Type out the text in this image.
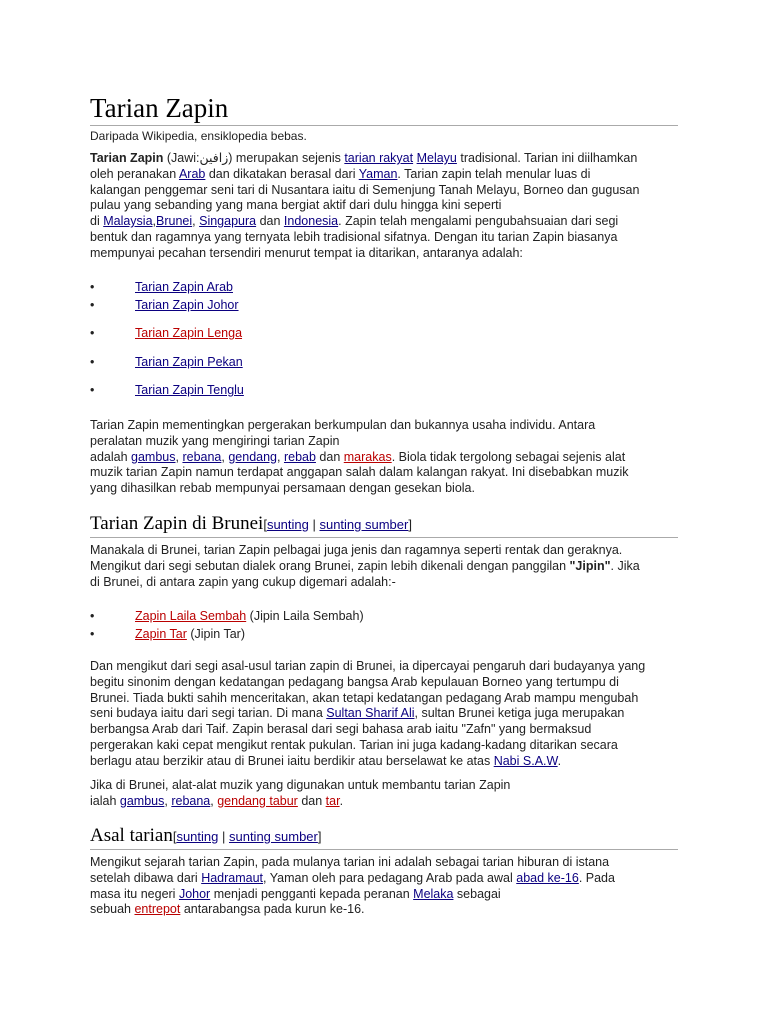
Tarian Zapin
Daripada Wikipedia, ensiklopedia bebas.
Tarian Zapin (Jawi:زافين) merupakan sejenis tarian rakyat Melayu tradisional. Tarian ini diilhamkan
oleh peranakan Arab dan dikatakan berasal dari Yaman. Tarian zapin telah menular luas di
kalangan penggemar seni tari di Nusantara iaitu di Semenjung Tanah Melayu, Borneo dan gugusan
pulau yang sebanding yang mana bergiat aktif dari dulu hingga kini seperti
di Malaysia,Brunei, Singapura dan Indonesia. Zapin telah mengalami pengubahsuaian dari segi
bentuk dan ragamnya yang ternyata lebih tradisional sifatnya. Dengan itu tarian Zapin biasanya
mempunyai pecahan tersendiri menurut tempat ia ditarikan, antaranya adalah:
•	Tarian Zapin Arab
•	Tarian Zapin Johor
•	Tarian Zapin Lenga
•	Tarian Zapin Pekan
•	Tarian Zapin Tenglu
Tarian Zapin mementingkan pergerakan berkumpulan dan bukannya usaha individu. Antara
peralatan muzik yang mengiringi tarian Zapin
adalah gambus, rebana, gendang, rebab dan marakas. Biola tidak tergolong sebagai sejenis alat
muzik tarian Zapin namun terdapat anggapan salah dalam kalangan rakyat. Ini disebabkan muzik
yang dihasilkan rebab mempunyai persamaan dengan gesekan biola.
Tarian Zapin di Brunei[sunting | sunting sumber]
Manakala di Brunei, tarian Zapin pelbagai juga jenis dan ragamnya seperti rentak dan geraknya.
Mengikut dari segi sebutan dialek orang Brunei, zapin lebih dikenali dengan panggilan "Jipin". Jika
di Brunei, di antara zapin yang cukup digemari adalah:-
•	Zapin Laila Sembah (Jipin Laila Sembah)
•	Zapin Tar (Jipin Tar)
Dan mengikut dari segi asal-usul tarian zapin di Brunei, ia dipercayai pengaruh dari budayanya yang
begitu sinonim dengan kedatangan pedagang bangsa Arab kepulauan Borneo yang tertumpu di
Brunei. Tiada bukti sahih menceritakan, akan tetapi kedatangan pedagang Arab mampu mengubah
seni budaya iaitu dari segi tarian. Di mana Sultan Sharif Ali, sultan Brunei ketiga juga merupakan
berbangsa Arab dari Taif. Zapin berasal dari segi bahasa arab iaitu "Zafn" yang bermaksud
pergerakan kaki cepat mengikut rentak pukulan. Tarian ini juga kadang-kadang ditarikan secara
berlagu atau berzikir atau di Brunei iaitu berdikir atau berselawat ke atas Nabi S.A.W.
Jika di Brunei, alat-alat muzik yang digunakan untuk membantu tarian Zapin
ialah gambus, rebana, gendang tabur dan tar.
Asal tarian[sunting | sunting sumber]
Mengikut sejarah tarian Zapin, pada mulanya tarian ini adalah sebagai tarian hiburan di istana
setelah dibawa dari Hadramaut, Yaman oleh para pedagang Arab pada awal abad ke-16. Pada
masa itu negeri Johor menjadi pengganti kepada peranan Melaka sebagai
sebuah entrepot antarabangsa pada kurun ke-16.
